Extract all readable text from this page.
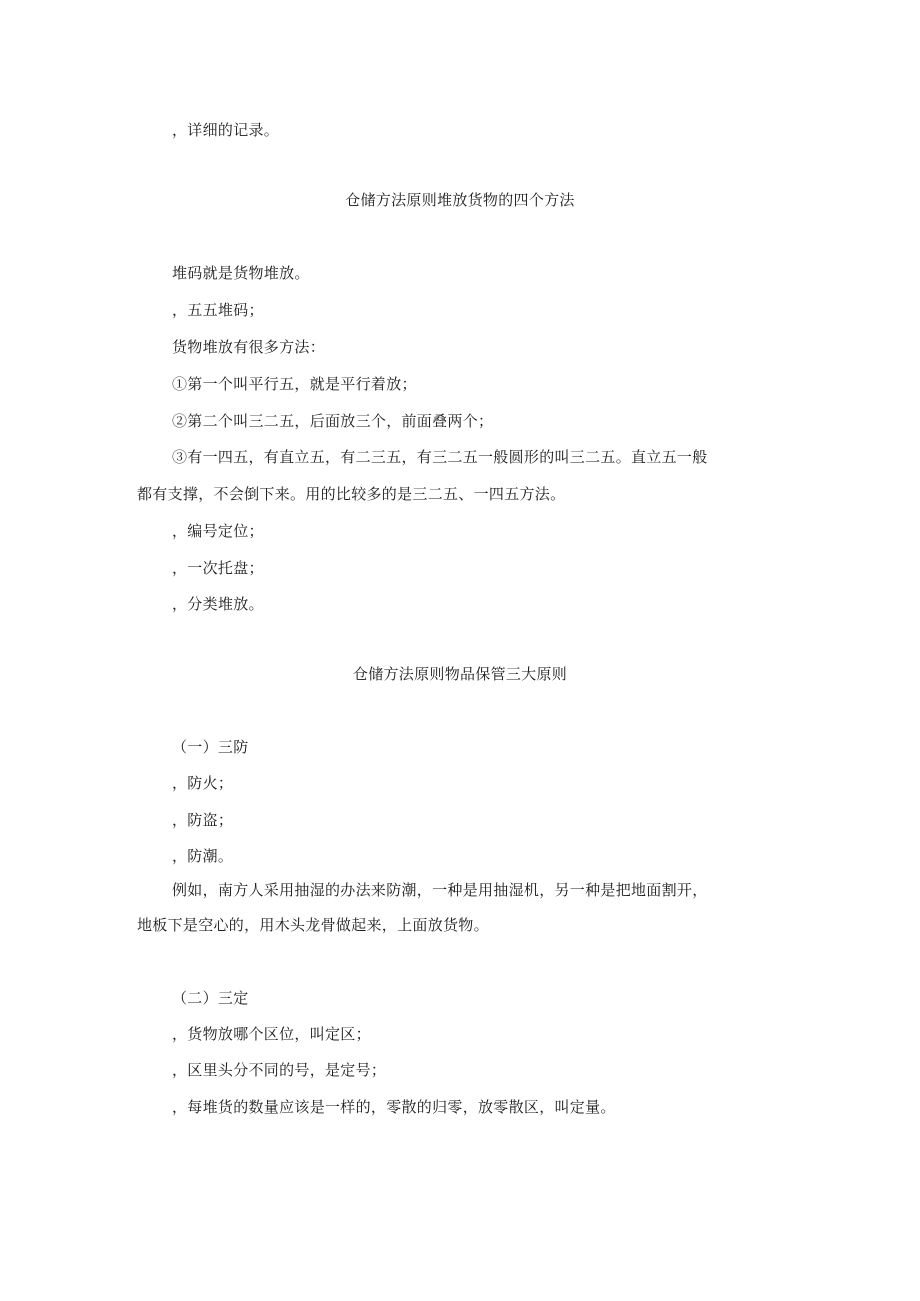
，详细的记录。
仓储方法原则堆放货物的四个方法
堆码就是货物堆放。
，五五堆码；
货物堆放有很多方法：
①第一个叫平行五，就是平行着放；
②第二个叫三二五，后面放三个，前面叠两个；
③有一四五，有直立五，有二三五，有三二五一般圆形的叫三二五。直立五一般
都有支撑，不会倒下来。用的比较多的是三二五、一四五方法。
，编号定位；
，一次托盘；
，分类堆放。
仓储方法原则物品保管三大原则
（一）三防
，防火；
，防盗；
，防潮。
例如，南方人采用抽湿的办法来防潮，一种是用抽湿机，另一种是把地面割开，
地板下是空心的，用木头龙骨做起来，上面放货物。
（二）三定
，货物放哪个区位，叫定区；
，区里头分不同的号，是定号；
，每堆货的数量应该是一样的，零散的归零，放零散区，叫定量。
